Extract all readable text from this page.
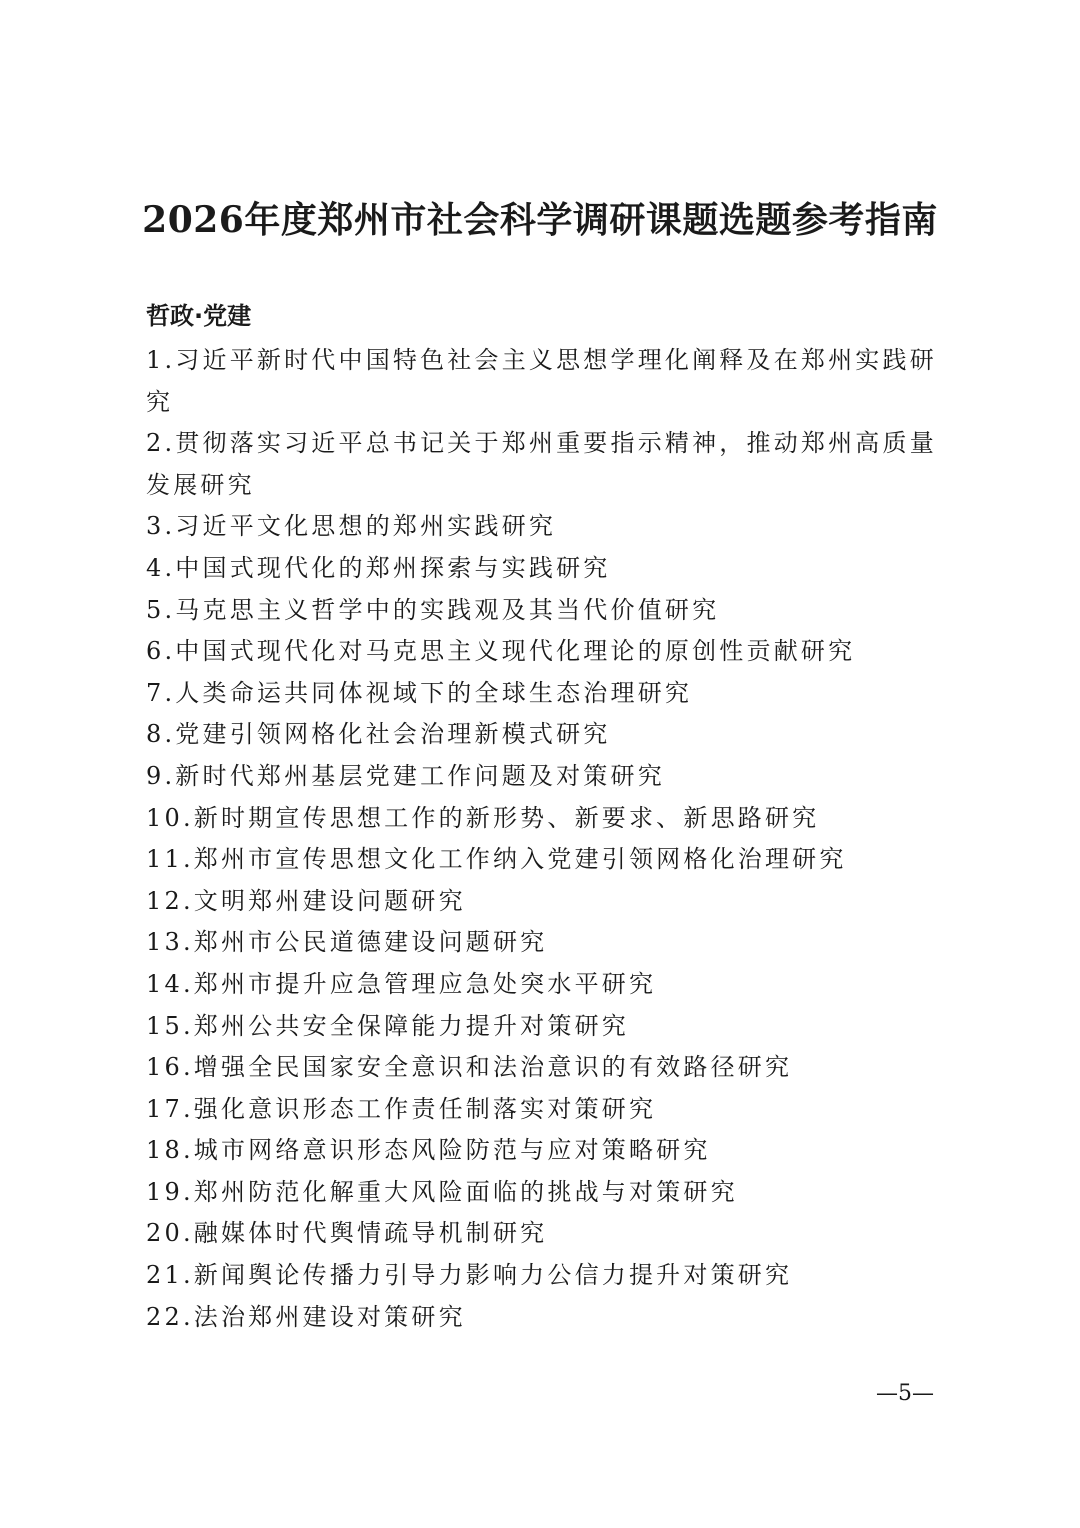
2026年度郑州市社会科学调研课题选题参考指南
哲政·党建
1.习近平新时代中国特色社会主义思想学理化阐释及在郑州实践研究
2.贯彻落实习近平总书记关于郑州重要指示精神，推动郑州高质量发展研究
3.习近平文化思想的郑州实践研究
4.中国式现代化的郑州探索与实践研究
5.马克思主义哲学中的实践观及其当代价值研究
6.中国式现代化对马克思主义现代化理论的原创性贡献研究
7.人类命运共同体视域下的全球生态治理研究
8.党建引领网格化社会治理新模式研究
9.新时代郑州基层党建工作问题及对策研究
10.新时期宣传思想工作的新形势、新要求、新思路研究
11.郑州市宣传思想文化工作纳入党建引领网格化治理研究
12.文明郑州建设问题研究
13.郑州市公民道德建设问题研究
14.郑州市提升应急管理应急处突水平研究
15.郑州公共安全保障能力提升对策研究
16.增强全民国家安全意识和法治意识的有效路径研究
17.强化意识形态工作责任制落实对策研究
18.城市网络意识形态风险防范与应对策略研究
19.郑州防范化解重大风险面临的挑战与对策研究
20.融媒体时代舆情疏导机制研究
21.新闻舆论传播力引导力影响力公信力提升对策研究
22.法治郑州建设对策研究
—5—
